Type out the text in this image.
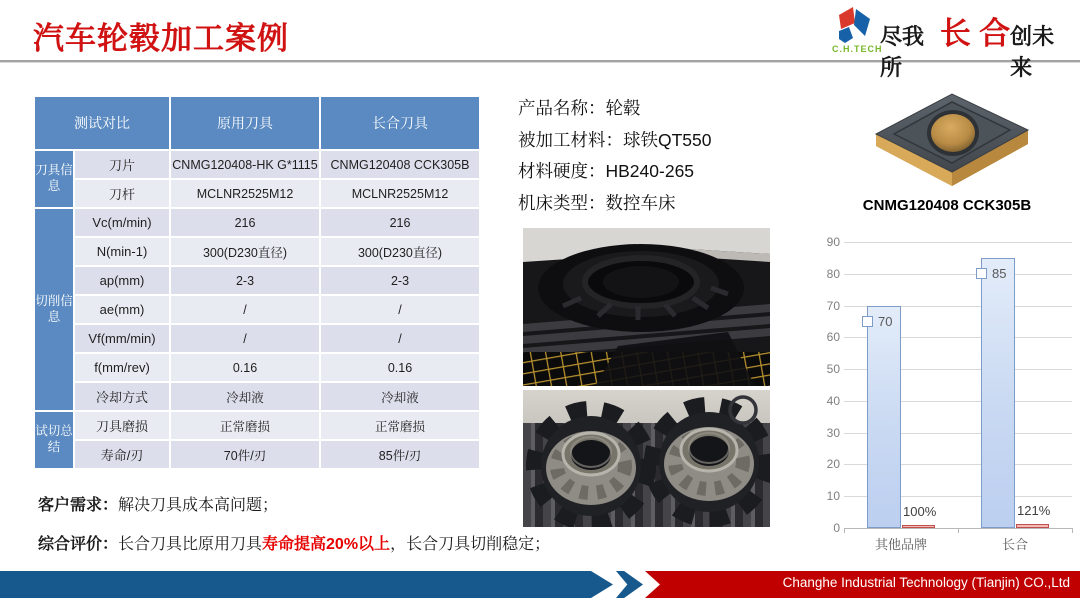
汽车轮毂加工案例	C.H.TECH
尽我所
长 合 创未来
测试对比		原用刀具	长合刀具
刀具信息	刀片	CNMG120408-HK G*1115	CNMG120408 CCK305B
	刀杆	MCLNR2525M12	MCLNR2525M12
切削信息	Vc(m/min)	216	216
	N(min-1)	300(D230直径)	300(D230直径)
	ap(mm)	2-3	2-3
	ae(mm)	/	/
	Vf(mm/min)	/	/
	f(mm/rev)	0.16	0.16
	冷却方式	冷却液	冷却液
试切总结	刀具磨损	正常磨损	正常磨损
	寿命/刃	70件/刃	85件/刃
产品名称：轮毂
被加工材料：球铁QT550
材料硬度：HB240-265
机床类型：数控车床	CNMG120408 CCK305B
0
10
20
30
40
50
60
70
80
90
70
100%
其他品牌
85
121%
长合
客户需求：解决刀具成本高问题；
综合评价：长合刀具比原用刀具寿命提高20%以上，长合刀具切削稳定；
Changhe Industrial Technology (Tianjin) CO.,Ltd
